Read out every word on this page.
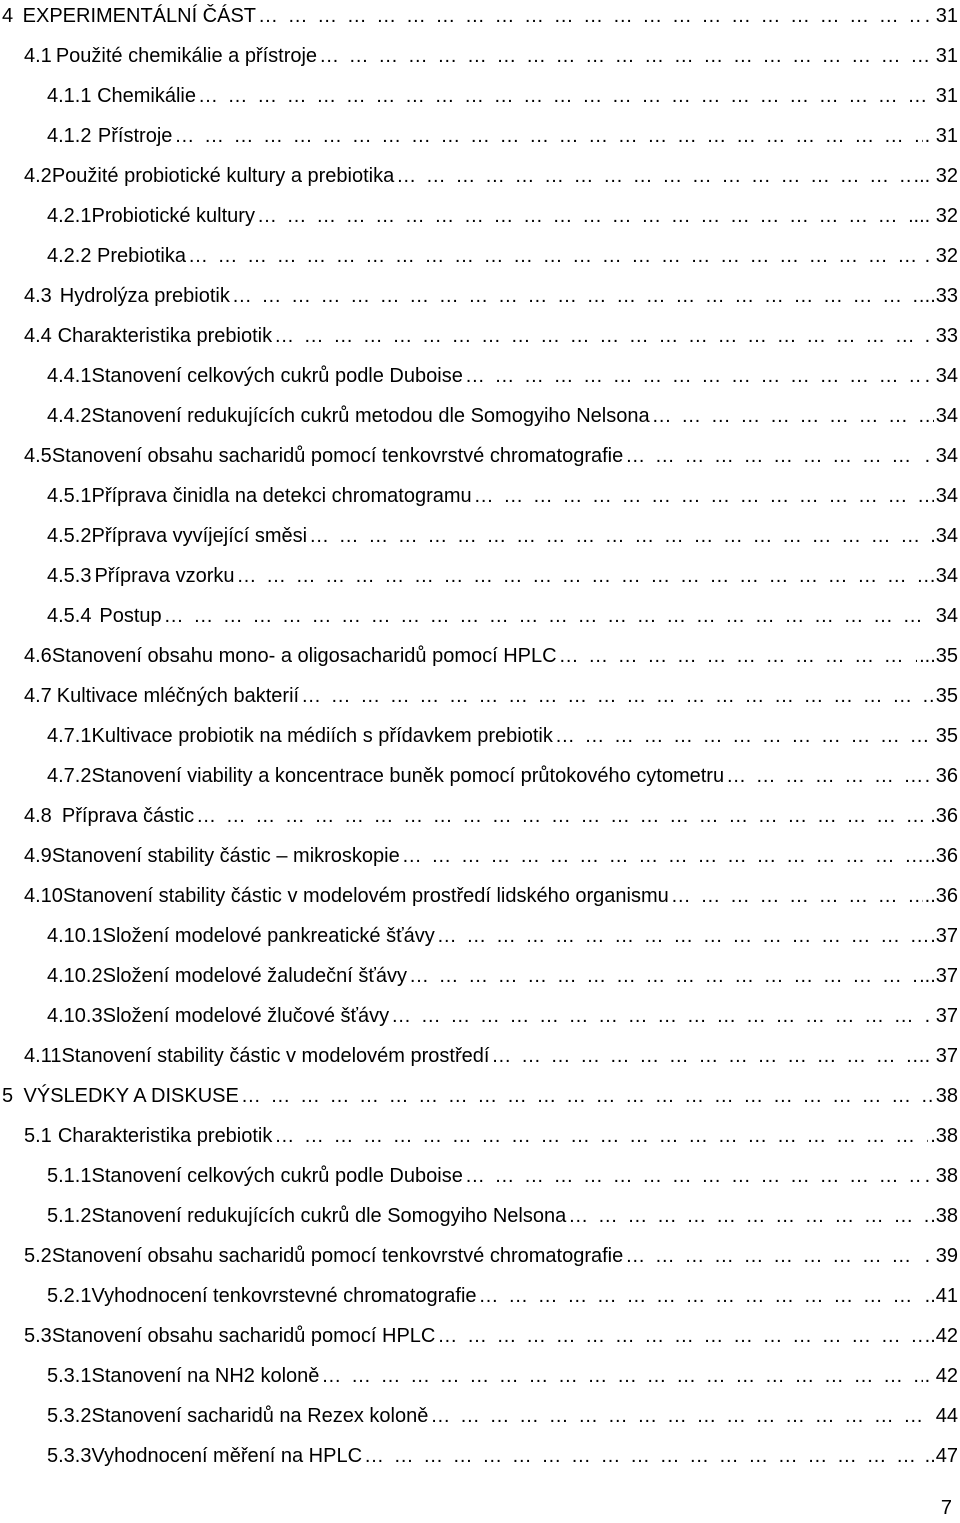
4 EXPERIMENTÁLNÍ ČÁST … … … … … … … … … … … … … … … … … … … … … … … … … … … … … … … … … … … … … … … … … … … … … …	. 31
4.1 Použité chemikálie a přístroje … … … … … … … … … … … … … … … … … … … … … … … … … … … … … … … … … … … … … … … … … … … … … …	31
4.1.1 Chemikálie … … … … … … … … … … … … … … … … … … … … … … … … … … … … … … … … … … … … … … … … … … … … … …	31
4.1.2 Přístroje … … … … … … … … … … … … … … … … … … … … … … … … … … … … … … … … … … … … … … … … … … … … … …	. 31
4.2 Použité probiotické kultury a prebiotika … … … … … … … … … … … … … … … … … … … … … … … … … … … … … … … … … … … … … … … … … … … … … …	... 32
4.2.1 Probiotické kultury … … … … … … … … … … … … … … … … … … … … … … … … … … … … … … … … … … … … … … … … … … … … … …	... 32
4.2.2 Prebiotika … … … … … … … … … … … … … … … … … … … … … … … … … … … … … … … … … … … … … … … … … … … … … …	. 32
4.3 Hydrolýza prebiotik … … … … … … … … … … … … … … … … … … … … … … … … … … … … … … … … … … … … … … … … … … … … … …	..33
4.4 Charakteristika prebiotik … … … … … … … … … … … … … … … … … … … … … … … … … … … … … … … … … … … … … … … … … … … … … …	. 33
4.4.1 Stanovení celkových cukrů podle Duboise … … … … … … … … … … … … … … … … … … … … … … … … … … … … … … … … … … … … … … … … … … … … … …	. 34
4.4.2 Stanovení redukujících cukrů metodou dle Somogyiho Nelsona … … … … … … … … … … … … … … … … … … … … … … … … … … … … … … … … … … … … … … … … … … … … … …	34
4.5 Stanovení obsahu sacharidů pomocí tenkovrstvé chromatografie … … … … … … … … … … … … … … … … … … … … … … … … … … … … … … … … … … … … … … … … … … … … … …	. 34
4.5.1 Příprava činidla na detekci chromatogramu … … … … … … … … … … … … … … … … … … … … … … … … … … … … … … … … … … … … … … … … … … … … … …	34
4.5.2 Příprava vyvíjející směsi … … … … … … … … … … … … … … … … … … … … … … … … … … … … … … … … … … … … … … … … … … … … … …	.34
4.5.3 Příprava vzorku … … … … … … … … … … … … … … … … … … … … … … … … … … … … … … … … … … … … … … … … … … … … … …	34
4.5.4 Postup … … … … … … … … … … … … … … … … … … … … … … … … … … … … … … … … … … … … … … … … … … … … … …	34
4.6 Stanovení obsahu mono- a oligosacharidů pomocí HPLC … … … … … … … … … … … … … … … … … … … … … … … … … … … … … … … … … … … … … … … … … … … … … …	...35
4.7 Kultivace mléčných bakterií … … … … … … … … … … … … … … … … … … … … … … … … … … … … … … … … … … … … … … … … … … … … … …	35
4.7.1 Kultivace probiotik na médiích s přídavkem prebiotik … … … … … … … … … … … … … … … … … … … … … … … … … … … … … … … … … … … … … … … … … … … … … …	35
4.7.2 Stanovení viability a koncentrace buněk pomocí průtokového cytometru … … … … … … … … … … … … … … … … … … … … … … … … … … … … … … … … … … … … … … … … … … … … … …	. 36
4.8 Příprava částic … … … … … … … … … … … … … … … … … … … … … … … … … … … … … … … … … … … … … … … … … … … … … …	.36
4.9 Stanovení stability částic – mikroskopie … … … … … … … … … … … … … … … … … … … … … … … … … … … … … … … … … … … … … … … … … … … … … …	..36
4.10 Stanovení stability částic v modelovém prostředí lidského organismu … … … … … … … … … … … … … … … … … … … … … … … … … … … … … … … … … … … … … … … … … … … … … …	..36
4.10.1 Složení modelové pankreatické šťávy … … … … … … … … … … … … … … … … … … … … … … … … … … … … … … … … … … … … … … … … … … … … … …	.37
4.10.2 Složení modelové žaludeční šťávy … … … … … … … … … … … … … … … … … … … … … … … … … … … … … … … … … … … … … … … … … … … … … …	...37
4.10.3 Složení modelové žlučové šťávy … … … … … … … … … … … … … … … … … … … … … … … … … … … … … … … … … … … … … … … … … … … … … …	. 37
4.11 Stanovení stability částic v modelovém prostředí … … … … … … … … … … … … … … … … … … … … … … … … … … … … … … … … … … … … … … … … … … … … … …	. 37
5 VÝSLEDKY A DISKUSE … … … … … … … … … … … … … … … … … … … … … … … … … … … … … … … … … … … … … … … … … … … … … …	38
5.1 Charakteristika prebiotik … … … … … … … … … … … … … … … … … … … … … … … … … … … … … … … … … … … … … … … … … … … … … …	.38
5.1.1 Stanovení celkových cukrů podle Duboise … … … … … … … … … … … … … … … … … … … … … … … … … … … … … … … … … … … … … … … … … … … … … …	. 38
5.1.2 Stanovení redukujících cukrů dle Somogyiho Nelsona … … … … … … … … … … … … … … … … … … … … … … … … … … … … … … … … … … … … … … … … … … … … … …	.38
5.2 Stanovení obsahu sacharidů pomocí tenkovrstvé chromatografie … … … … … … … … … … … … … … … … … … … … … … … … … … … … … … … … … … … … … … … … … … … … … …	. 39
5.2.1 Vyhodnocení tenkovrstevné chromatografie … … … … … … … … … … … … … … … … … … … … … … … … … … … … … … … … … … … … … … … … … … … … … …	..41
5.3 Stanovení obsahu sacharidů pomocí HPLC … … … … … … … … … … … … … … … … … … … … … … … … … … … … … … … … … … … … … … … … … … … … … …	..42
5.3.1 Stanovení na NH2 koloně … … … … … … … … … … … … … … … … … … … … … … … … … … … … … … … … … … … … … … … … … … … … … …	. 42
5.3.2 Stanovení sacharidů na Rezex koloně … … … … … … … … … … … … … … … … … … … … … … … … … … … … … … … … … … … … … … … … … … … … … …	44
5.3.3 Vyhodnocení měření na HPLC … … … … … … … … … … … … … … … … … … … … … … … … … … … … … … … … … … … … … … … … … … … … … …	..47
7
